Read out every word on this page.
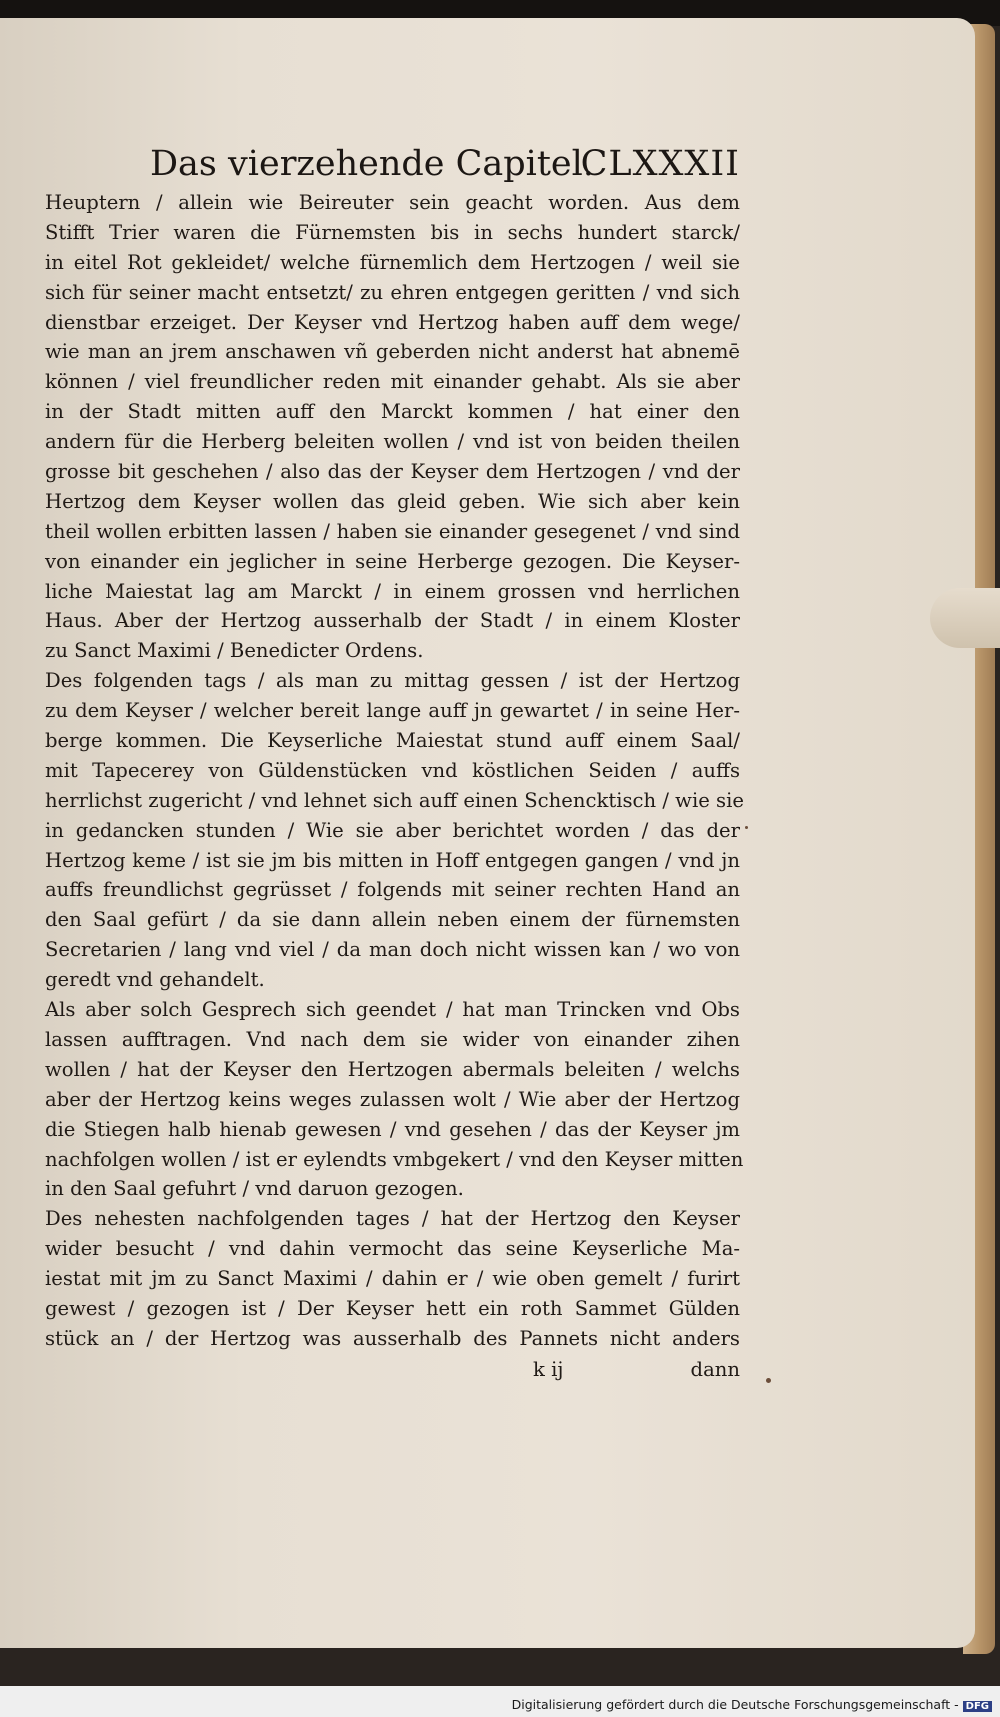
Das vierzehende Capitel.
CLXXXII
Heuptern / allein wie Beireuter sein geacht worden. Aus dem
Stifft Trier waren die Fürnemsten bis in sechs hundert starck/
in eitel Rot gekleidet/ welche fürnemlich dem Hertzogen / weil sie
sich für seiner macht entsetzt/ zu ehren entgegen geritten / vnd sich
dienstbar erzeiget. Der Keyser vnd Hertzog haben auff dem wege/
wie man an jrem anschawen vñ geberden nicht anderst hat abnemē
können / viel freundlicher reden mit einander gehabt. Als sie aber
in der Stadt mitten auff den Marckt kommen / hat einer den
andern für die Herberg beleiten wollen / vnd ist von beiden theilen
grosse bit geschehen / also das der Keyser dem Hertzogen / vnd der
Hertzog dem Keyser wollen das gleid geben. Wie sich aber kein
theil wollen erbitten lassen / haben sie einander gesegenet / vnd sind
von einander ein jeglicher in seine Herberge gezogen. Die Keyser-
liche Maiestat lag am Marckt / in einem grossen vnd herrlichen
Haus. Aber der Hertzog ausserhalb der Stadt / in einem Kloster
zu Sanct Maximi / Benedicter Ordens.
Des folgenden tags / als man zu mittag gessen / ist der Hertzog
zu dem Keyser / welcher bereit lange auff jn gewartet / in seine Her-
berge kommen. Die Keyserliche Maiestat stund auff einem Saal/
mit Tapecerey von Güldenstücken vnd köstlichen Seiden / auffs
herrlichst zugericht / vnd lehnet sich auff einen Schencktisch / wie sie
in gedancken stunden / Wie sie aber berichtet worden / das der
Hertzog keme / ist sie jm bis mitten in Hoff entgegen gangen / vnd jn
auffs freundlichst gegrüsset / folgends mit seiner rechten Hand an
den Saal gefürt / da sie dann allein neben einem der fürnemsten
Secretarien / lang vnd viel / da man doch nicht wissen kan / wo von
geredt vnd gehandelt.
Als aber solch Gesprech sich geendet / hat man Trincken vnd Obs
lassen aufftragen. Vnd nach dem sie wider von einander zihen
wollen / hat der Keyser den Hertzogen abermals beleiten / welchs
aber der Hertzog keins weges zulassen wolt / Wie aber der Hertzog
die Stiegen halb hienab gewesen / vnd gesehen / das der Keyser jm
nachfolgen wollen / ist er eylendts vmbgekert / vnd den Keyser mitten
in den Saal gefuhrt / vnd daruon gezogen.
Des nehesten nachfolgenden tages / hat der Hertzog den Keyser
wider besucht / vnd dahin vermocht das seine Keyserliche Ma-
iestat mit jm zu Sanct Maximi / dahin er / wie oben gemelt / furirt
gewest / gezogen ist / Der Keyser hett ein roth Sammet Gülden
stück an / der Hertzog was ausserhalb des Pannets nicht anders
k ij	dann
Digitalisierung gefördert durch die Deutsche Forschungsgemeinschaft - DFG
